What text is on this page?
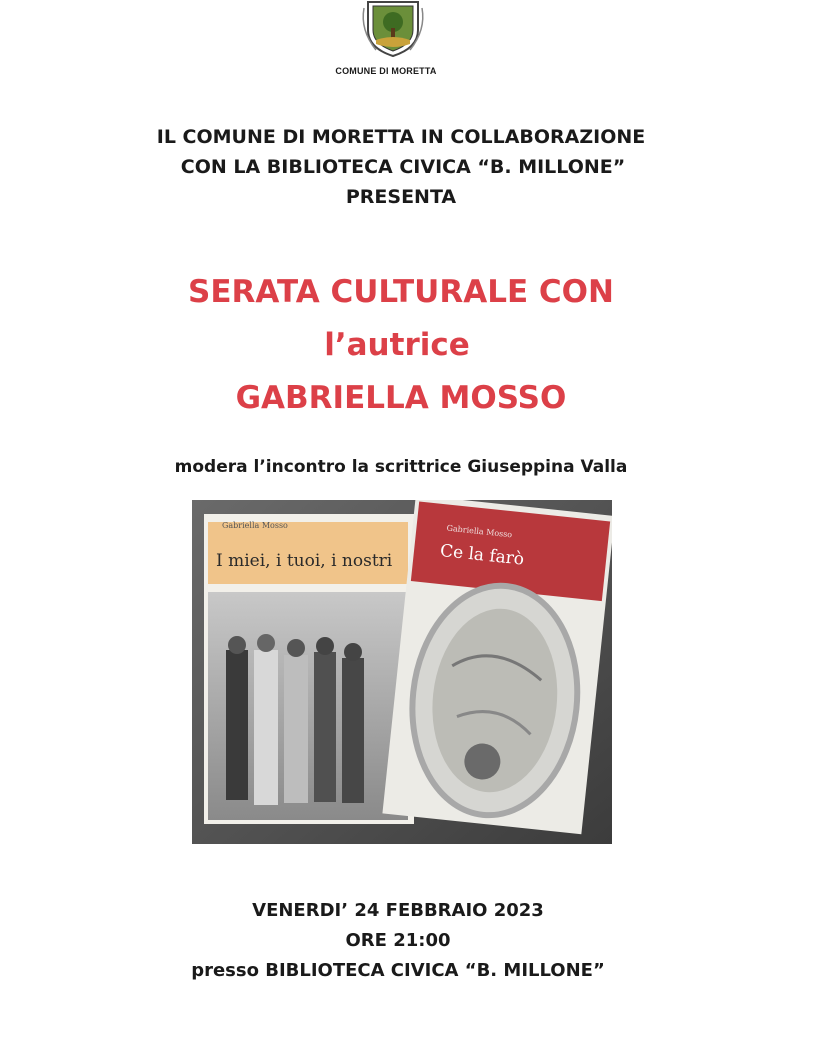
COMUNE DI MORETTA
IL COMUNE DI MORETTA IN COLLABORAZIONE
CON LA BIBLIOTECA CIVICA “B. MILLONE”
PRESENTA
SERATA CULTURALE CON
l’autrice
GABRIELLA MOSSO
modera l’incontro la scrittrice Giuseppina Valla
Gabriella Mosso
I miei, i tuoi, i nostri
Gabriella Mosso
Ce la farò
VENERDI’ 24 FEBBRAIO 2023
ORE 21:00
presso BIBLIOTECA CIVICA “B. MILLONE”
